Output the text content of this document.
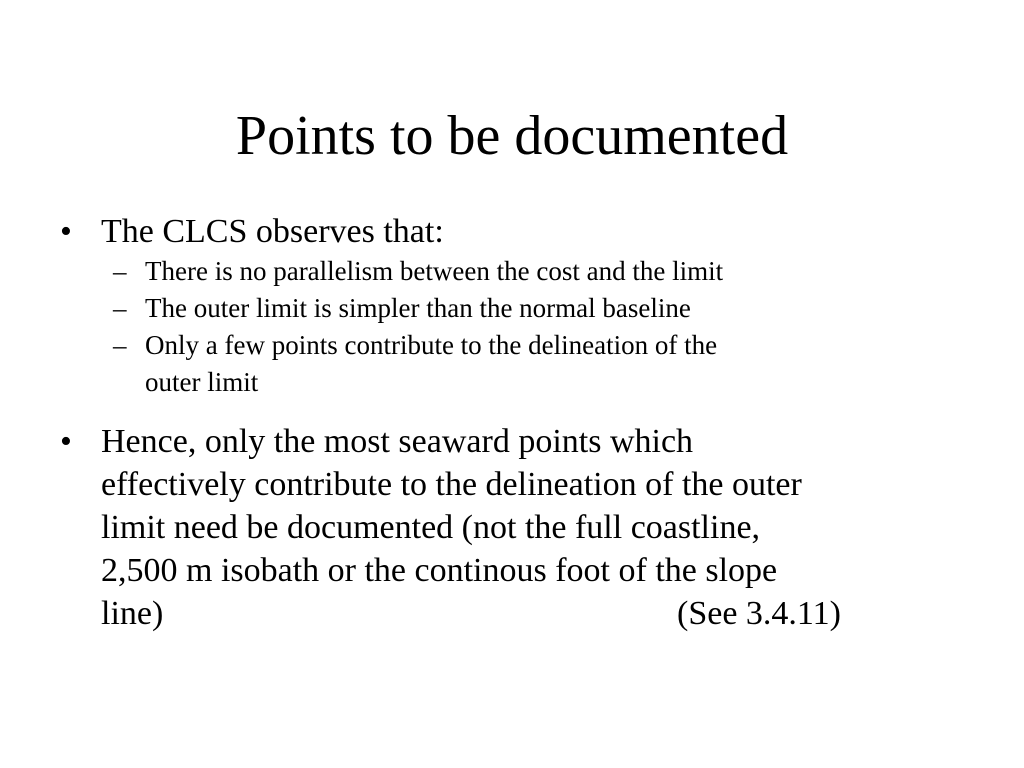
Points to be documented
• The CLCS observes that:
– There is no parallelism between the cost and the limit
– The outer limit is simpler than the normal baseline
– Only a few points contribute to the delineation of the
outer limit
• Hence, only the most seaward points which
effectively contribute to the delineation of the outer
limit need be documented (not the full coastline,
2,500 m isobath or the continous foot of the slope
line)	(See 3.4.11)
